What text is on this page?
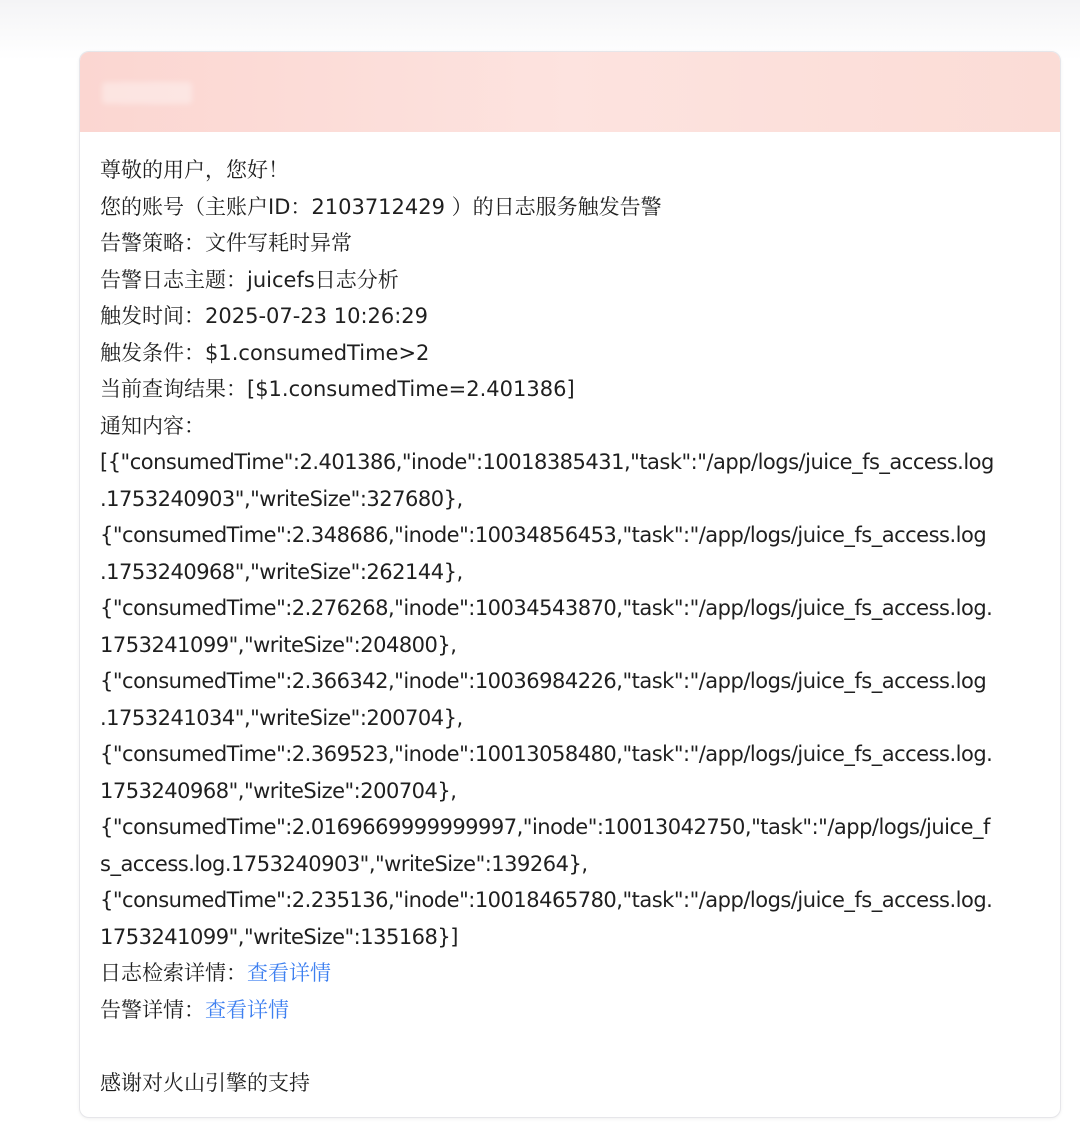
尊敬的用户，您好！
您的账号（主账户ID：2103712429 ）的日志服务触发告警
告警策略：文件写耗时异常
告警日志主题：juicefs日志分析
触发时间：2025-07-23 10:26:29
触发条件：$1.consumedTime>2
当前查询结果：[$1.consumedTime=2.401386]
通知内容：
[{"consumedTime":2.401386,"inode":10018385431,"task":"/app/logs/juice_fs_access.log
.1753240903","writeSize":327680},
{"consumedTime":2.348686,"inode":10034856453,"task":"/app/logs/juice_fs_access.log
.1753240968","writeSize":262144},
{"consumedTime":2.276268,"inode":10034543870,"task":"/app/logs/juice_fs_access.log.
1753241099","writeSize":204800},
{"consumedTime":2.366342,"inode":10036984226,"task":"/app/logs/juice_fs_access.log
.1753241034","writeSize":200704},
{"consumedTime":2.369523,"inode":10013058480,"task":"/app/logs/juice_fs_access.log.
1753240968","writeSize":200704},
{"consumedTime":2.0169669999999997,"inode":10013042750,"task":"/app/logs/juice_f
s_access.log.1753240903","writeSize":139264},
{"consumedTime":2.235136,"inode":10018465780,"task":"/app/logs/juice_fs_access.log.
1753241099","writeSize":135168}]
日志检索详情：查看详情
告警详情：查看详情
感谢对火山引擎的支持
